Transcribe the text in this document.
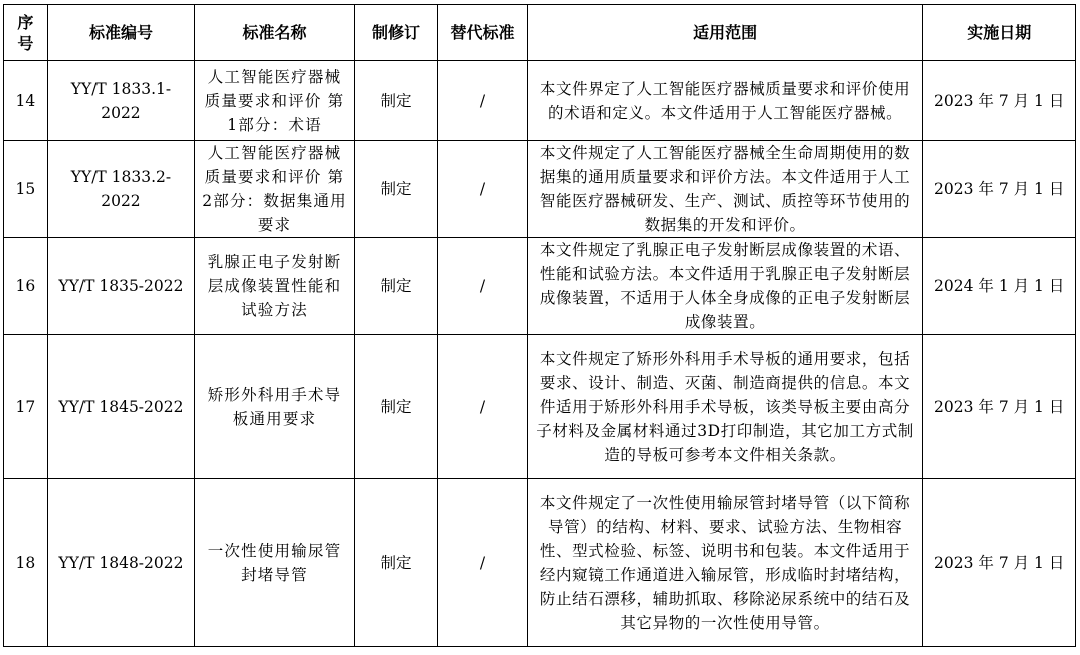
序号	标准编号	标准名称	制修订	替代标准	适用范围	实施日期
14	YY/T 1833.1-2022	人工智能医疗器械质量要求和评价 第1部分：术语	制定	/	本文件界定了人工智能医疗器械质量要求和评价使用的术语和定义。本文件适用于人工智能医疗器械。	2023 年 7 月 1 日
15	YY/T 1833.2-2022	人工智能医疗器械 质量要求和评价 第2部分：数据集通用要求	制定	/	本文件规定了人工智能医疗器械全生命周期使用的数据集的通用质量要求和评价方法。本文件适用于人工智能医疗器械研发、生产、测试、质控等环节使用的数据集的开发和评价。	2023 年 7 月 1 日
16	YY/T 1835-2022	乳腺正电子发射断层成像装置性能和试验方法	制定	/	本文件规定了乳腺正电子发射断层成像装置的术语、性能和试验方法。本文件适用于乳腺正电子发射断层成像装置，不适用于人体全身成像的正电子发射断层成像装置。	2024 年 1 月 1 日
17	YY/T 1845-2022	矫形外科用手术导板通用要求	制定	/	本文件规定了矫形外科用手术导板的通用要求，包括要求、设计、制造、灭菌、制造商提供的信息。本文件适用于矫形外科用手术导板，该类导板主要由高分子材料及金属材料通过3D打印制造，其它加工方式制造的导板可参考本文件相关条款。	2023 年 7 月 1 日
18	YY/T 1848-2022	一次性使用输尿管封堵导管	制定	/	本文件规定了一次性使用输尿管封堵导管（以下简称导管）的结构、材料、要求、试验方法、生物相容性、型式检验、标签、说明书和包装。本文件适用于经内窥镜工作通道进入输尿管，形成临时封堵结构，防止结石漂移，辅助抓取、移除泌尿系统中的结石及其它异物的一次性使用导管。	2023 年 7 月 1 日
